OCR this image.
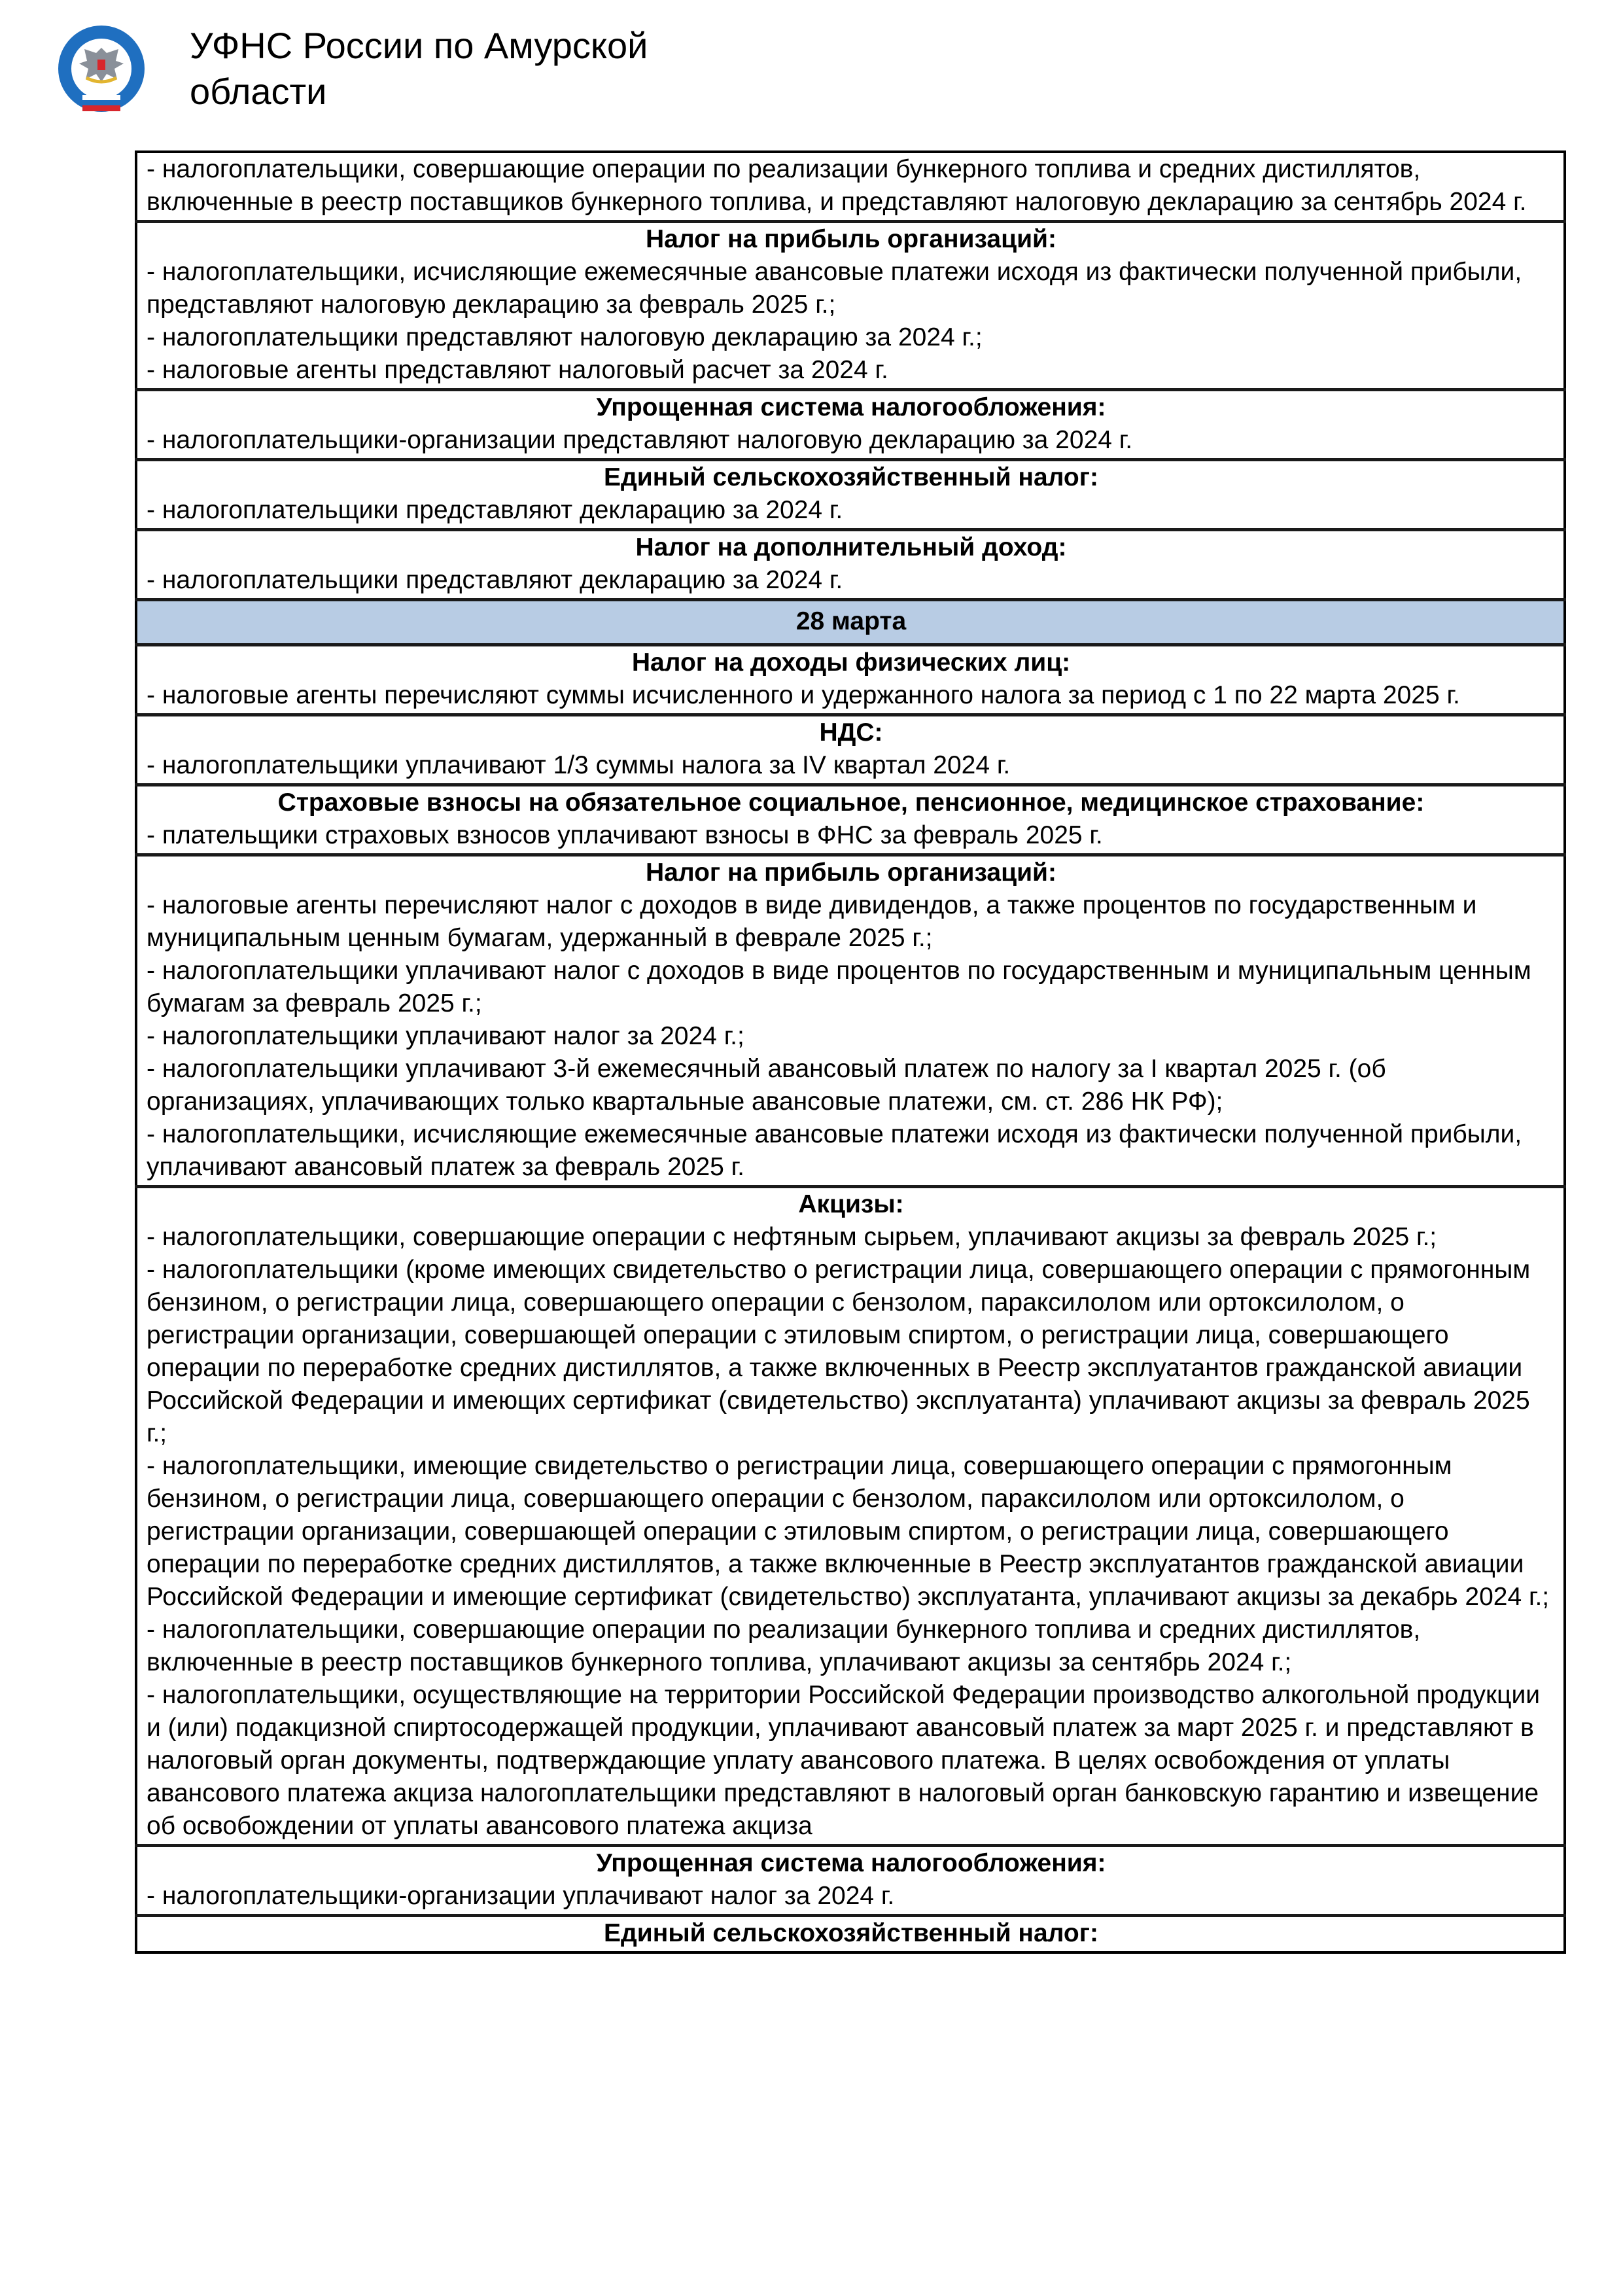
УФНС России по Амурской области
- налогоплательщики, совершающие операции по реализации бункерного топлива и средних дистиллятов, включенные в реестр поставщиков бункерного топлива, и представляют налоговую декларацию за сентябрь 2024 г.

Налог на прибыль организаций:
- налогоплательщики, исчисляющие ежемесячные авансовые платежи исходя из фактически полученной прибыли, представляют налоговую декларацию за февраль 2025 г.;
- налогоплательщики представляют налоговую декларацию за 2024 г.;
- налоговые агенты представляют налоговый расчет за 2024 г.

Упрощенная система налогообложения:
- налогоплательщики-организации представляют налоговую декларацию за 2024 г.

Единый сельскохозяйственный налог:
- налогоплательщики представляют декларацию за 2024 г.

Налог на дополнительный доход:
- налогоплательщики представляют декларацию за 2024 г.

28 марта

Налог на доходы физических лиц:
- налоговые агенты перечисляют суммы исчисленного и удержанного налога за период с 1 по 22 марта 2025 г.

НДС:
- налогоплательщики уплачивают 1/3 суммы налога за IV квартал 2024 г.

Страховые взносы на обязательное социальное, пенсионное, медицинское страхование:
- плательщики страховых взносов уплачивают взносы в ФНС за февраль 2025 г.

Налог на прибыль организаций:
- налоговые агенты перечисляют налог с доходов в виде дивидендов, а также процентов по государственным и муниципальным ценным бумагам, удержанный в феврале 2025 г.;
- налогоплательщики уплачивают налог с доходов в виде процентов по государственным и муниципальным ценным бумагам за февраль 2025 г.;
- налогоплательщики уплачивают налог за 2024 г.;
- налогоплательщики уплачивают 3-й ежемесячный авансовый платеж по налогу за I квартал 2025 г. (об организациях, уплачивающих только квартальные авансовые платежи, см. ст. 286 НК РФ);
- налогоплательщики, исчисляющие ежемесячные авансовые платежи исходя из фактически полученной прибыли, уплачивают авансовый платеж за февраль 2025 г.

Акцизы:
- налогоплательщики, совершающие операции с нефтяным сырьем, уплачивают акцизы за февраль 2025 г.;
- налогоплательщики (кроме имеющих свидетельство о регистрации лица, совершающего операции с прямогонным бензином, о регистрации лица, совершающего операции с бензолом, параксилолом или ортоксилолом, о регистрации организации, совершающей операции с этиловым спиртом, о регистрации лица, совершающего операции по переработке средних дистиллятов, а также включенных в Реестр эксплуатантов гражданской авиации Российской Федерации и имеющих сертификат (свидетельство) эксплуатанта) уплачивают акцизы за февраль 2025 г.;
- налогоплательщики, имеющие свидетельство о регистрации лица, совершающего операции с прямогонным бензином, о регистрации лица, совершающего операции с бензолом, параксилолом или ортоксилолом, о регистрации организации, совершающей операции с этиловым спиртом, о регистрации лица, совершающего операции по переработке средних дистиллятов, а также включенные в Реестр эксплуатантов гражданской авиации Российской Федерации и имеющие сертификат (свидетельство) эксплуатанта, уплачивают акцизы за декабрь 2024 г.;
- налогоплательщики, совершающие операции по реализации бункерного топлива и средних дистиллятов, включенные в реестр поставщиков бункерного топлива, уплачивают акцизы за сентябрь 2024 г.;
- налогоплательщики, осуществляющие на территории Российской Федерации производство алкогольной продукции и (или) подакцизной спиртосодержащей продукции, уплачивают авансовый платеж за март 2025 г. и представляют в налоговый орган документы, подтверждающие уплату авансового платежа. В целях освобождения от уплаты авансового платежа акциза налогоплательщики представляют в налоговый орган банковскую гарантию и извещение об освобождении от уплаты авансового платежа акциза

Упрощенная система налогообложения:
- налогоплательщики-организации уплачивают налог за 2024 г.

Единый сельскохозяйственный налог:
